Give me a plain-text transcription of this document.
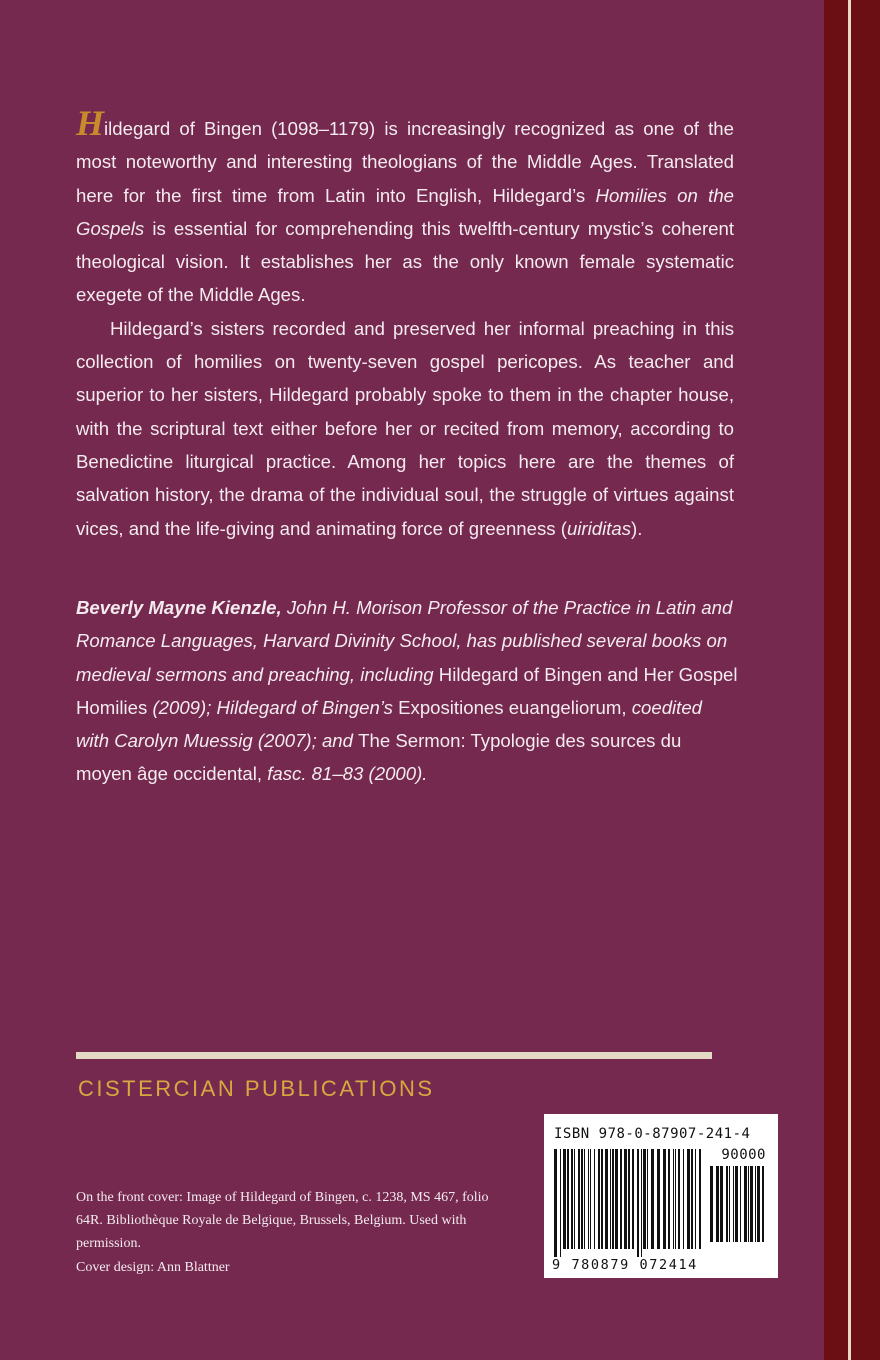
Hildegard of Bingen (1098–1179) is increasingly recognized as one of the most noteworthy and interesting theologians of the Middle Ages. Translated here for the first time from Latin into English, Hildegard’s Homilies on the Gospels is essential for comprehending this twelfth-century mystic’s coherent theological vision. It establishes her as the only known female systematic exegete of the Middle Ages.

Hildegard’s sisters recorded and preserved her informal preaching in this collection of homilies on twenty-seven gospel pericopes. As teacher and superior to her sisters, Hildegard probably spoke to them in the chapter house, with the scriptural text either before her or recited from memory, according to Benedictine liturgical practice. Among her topics here are the themes of salvation history, the drama of the individual soul, the struggle of virtues against vices, and the life-giving and animating force of greenness (uiriditas).

Beverly Mayne Kienzle, John H. Morison Professor of the Practice in Latin and Romance Languages, Harvard Divinity School, has published several books on medieval sermons and preaching, including Hildegard of Bingen and Her Gospel Homilies (2009); Hildegard of Bingen’s Expositiones euangeliorum, coedited with Carolyn Muessig (2007); and The Sermon: Typologie des sources du moyen âge occidental, fasc. 81–83 (2000).
CISTERCIAN PUBLICATIONS

On the front cover: Image of Hildegard of Bingen, c. 1238, MS 467, folio 64R. Bibliothèque Royale de Belgique, Brussels, Belgium. Used with permission.

Cover design: Ann Blattner
ISBN 978-0-87907-241-4
90000
9 780879 072414
